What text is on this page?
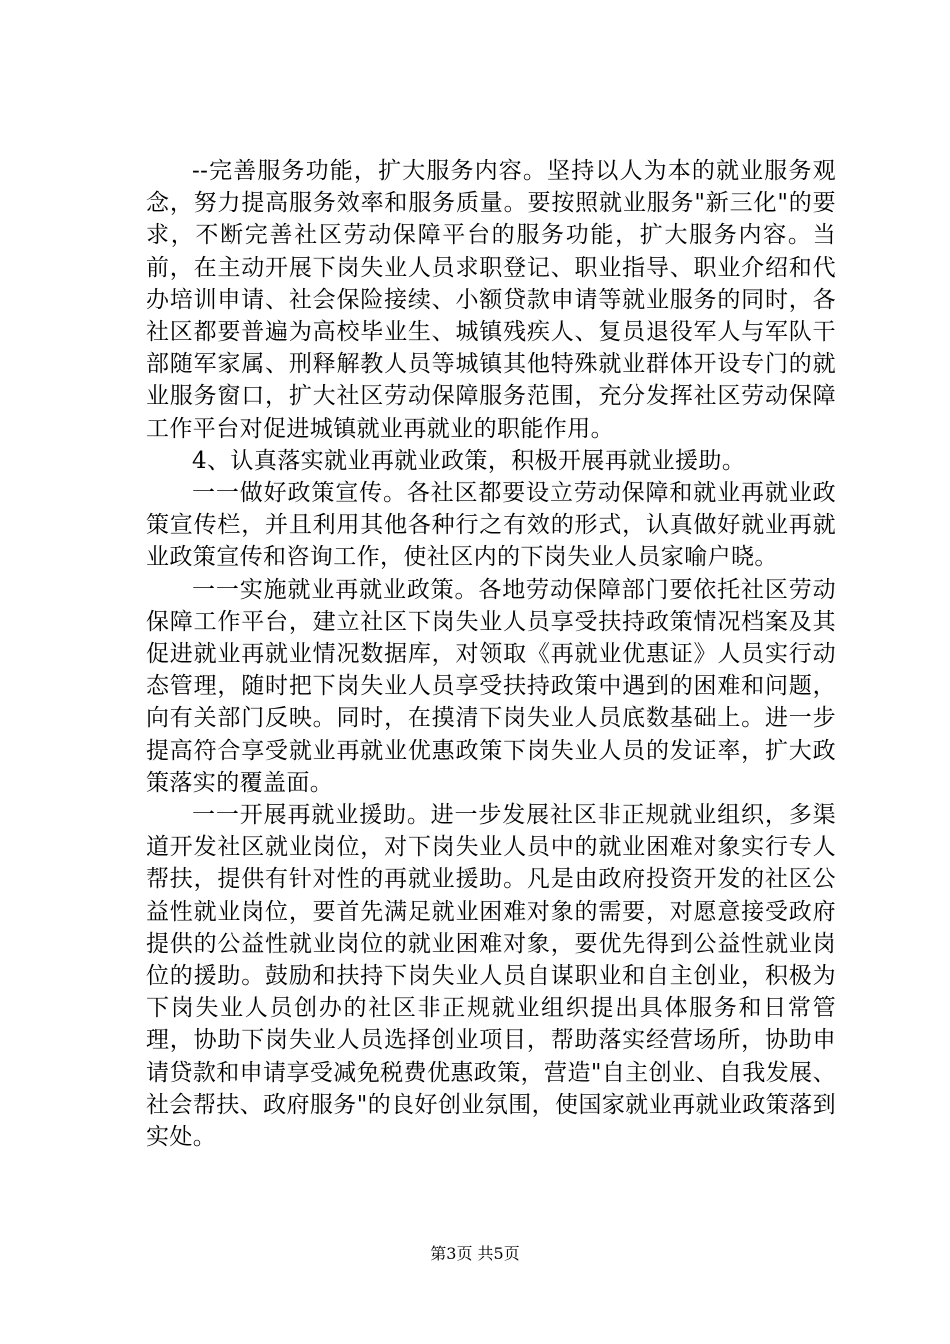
--完善服务功能，扩大服务内容。坚持以人为本的就业服务观念，努力提高服务效率和服务质量。要按照就业服务"新三化"的要求，不断完善社区劳动保障平台的服务功能，扩大服务内容。当前，在主动开展下岗失业人员求职登记、职业指导、职业介绍和代办培训申请、社会保险接续、小额贷款申请等就业服务的同时，各社区都要普遍为高校毕业生、城镇残疾人、复员退役军人与军队干部随军家属、刑释解教人员等城镇其他特殊就业群体开设专门的就业服务窗口，扩大社区劳动保障服务范围，充分发挥社区劳动保障工作平台对促进城镇就业再就业的职能作用。

4、认真落实就业再就业政策，积极开展再就业援助。

一一做好政策宣传。各社区都要设立劳动保障和就业再就业政策宣传栏，并且利用其他各种行之有效的形式，认真做好就业再就业政策宣传和咨询工作，使社区内的下岗失业人员家喻户晓。

一一实施就业再就业政策。各地劳动保障部门要依托社区劳动保障工作平台，建立社区下岗失业人员享受扶持政策情况档案及其促进就业再就业情况数据库，对领取《再就业优惠证》人员实行动态管理，随时把下岗失业人员享受扶持政策中遇到的困难和问题，向有关部门反映。同时，在摸清下岗失业人员底数基础上。进一步提高符合享受就业再就业优惠政策下岗失业人员的发证率，扩大政策落实的覆盖面。

一一开展再就业援助。进一步发展社区非正规就业组织，多渠道开发社区就业岗位，对下岗失业人员中的就业困难对象实行专人帮扶，提供有针对性的再就业援助。凡是由政府投资开发的社区公益性就业岗位，要首先满足就业困难对象的需要，对愿意接受政府提供的公益性就业岗位的就业困难对象，要优先得到公益性就业岗位的援助。鼓励和扶持下岗失业人员自谋职业和自主创业，积极为下岗失业人员创办的社区非正规就业组织提出具体服务和日常管理，协助下岗失业人员选择创业项目，帮助落实经营场所，协助申请贷款和申请享受减免税费优惠政策，营造"自主创业、自我发展、社会帮扶、政府服务"的良好创业氛围，使国家就业再就业政策落到实处。

第3页 共5页
